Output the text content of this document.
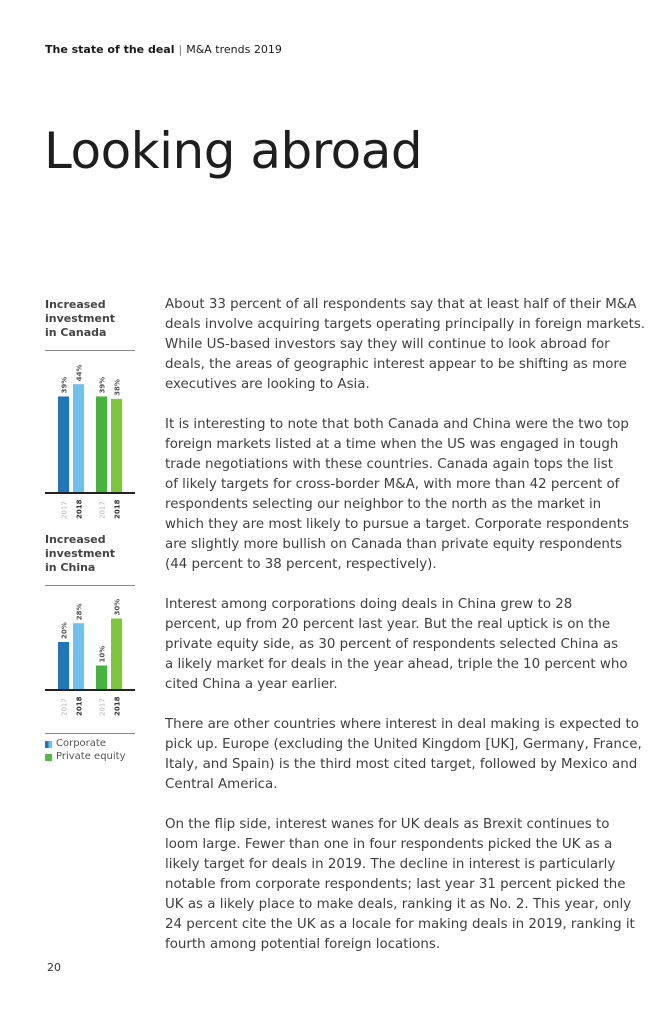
The state of the deal | M&A trends 2019
Looking abroad
Increased
investment
in Canada
39%
2017
44%
2018
39%
2017
38%
2018
Increased
investment
in China
20%
2017
28%
2018
10%
2017
30%
2018
Corporate
Private equity

About 33 percent of all respondents say that at least half of their M&A
deals involve acquiring targets operating principally in foreign markets.
While US-based investors say they will continue to look abroad for
deals, the areas of geographic interest appear to be shifting as more
executives are looking to Asia.

It is interesting to note that both Canada and China were the two top
foreign markets listed at a time when the US was engaged in tough
trade negotiations with these countries. Canada again tops the list
of likely targets for cross-border M&A, with more than 42 percent of
respondents selecting our neighbor to the north as the market in
which they are most likely to pursue a target. Corporate respondents
are slightly more bullish on Canada than private equity respondents
(44 percent to 38 percent, respectively).

Interest among corporations doing deals in China grew to 28
percent, up from 20 percent last year. But the real uptick is on the
private equity side, as 30 percent of respondents selected China as
a likely market for deals in the year ahead, triple the 10 percent who
cited China a year earlier.

There are other countries where interest in deal making is expected to
pick up. Europe (excluding the United Kingdom [UK], Germany, France,
Italy, and Spain) is the third most cited target, followed by Mexico and
Central America.

On the flip side, interest wanes for UK deals as Brexit continues to
loom large. Fewer than one in four respondents picked the UK as a
likely target for deals in 2019. The decline in interest is particularly
notable from corporate respondents; last year 31 percent picked the
UK as a likely place to make deals, ranking it as No. 2. This year, only
24 percent cite the UK as a locale for making deals in 2019, ranking it
fourth among potential foreign locations.

20
